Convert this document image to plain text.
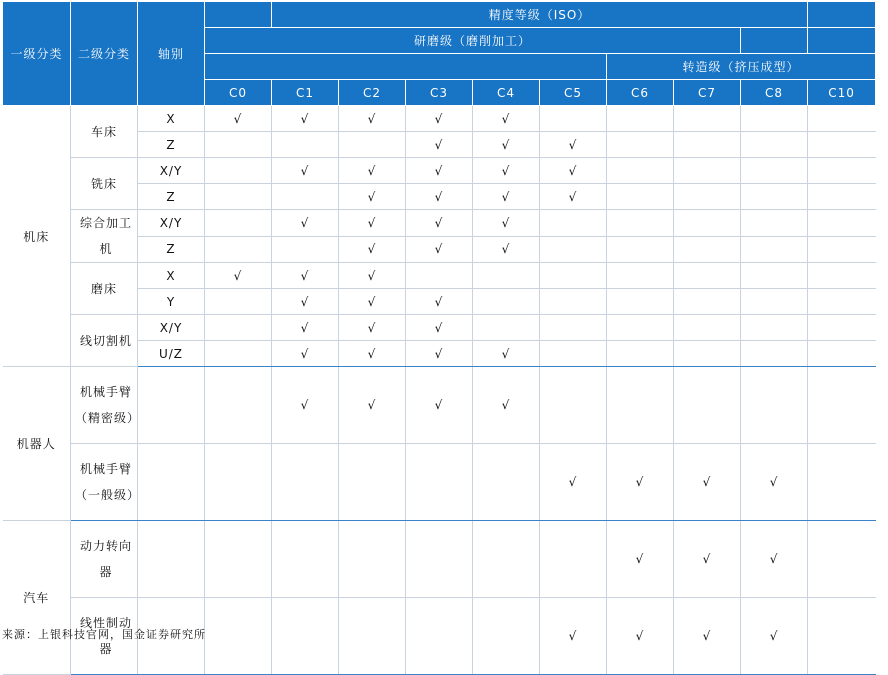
一级分类	二级分类	轴别		精度等级（ISO）								
			研磨级（磨削加工）									
									转造级（挤压成型）			
			C0	C1	C2	C3	C4	C5	C6	C7	C8	C10
机床	车床	X	√	√	√	√	√					
		Z				√	√	√				
	铣床	X/Y		√	√	√	√	√				
		Z			√	√	√	√				
	综合加工机	X/Y		√	√	√	√					
		Z			√	√	√					
	磨床	X	√	√	√							
		Y		√	√	√						
	线切割机	X/Y		√	√	√						
		U/Z		√	√	√	√					
机器人	机械手臂（精密级）			√	√	√	√					
	机械手臂（一般级）							√	√	√	√	
汽车	动力转向器								√	√	√	
	线性制动器							√	√	√	√	
来源：上银科技官网，国金证券研究所
